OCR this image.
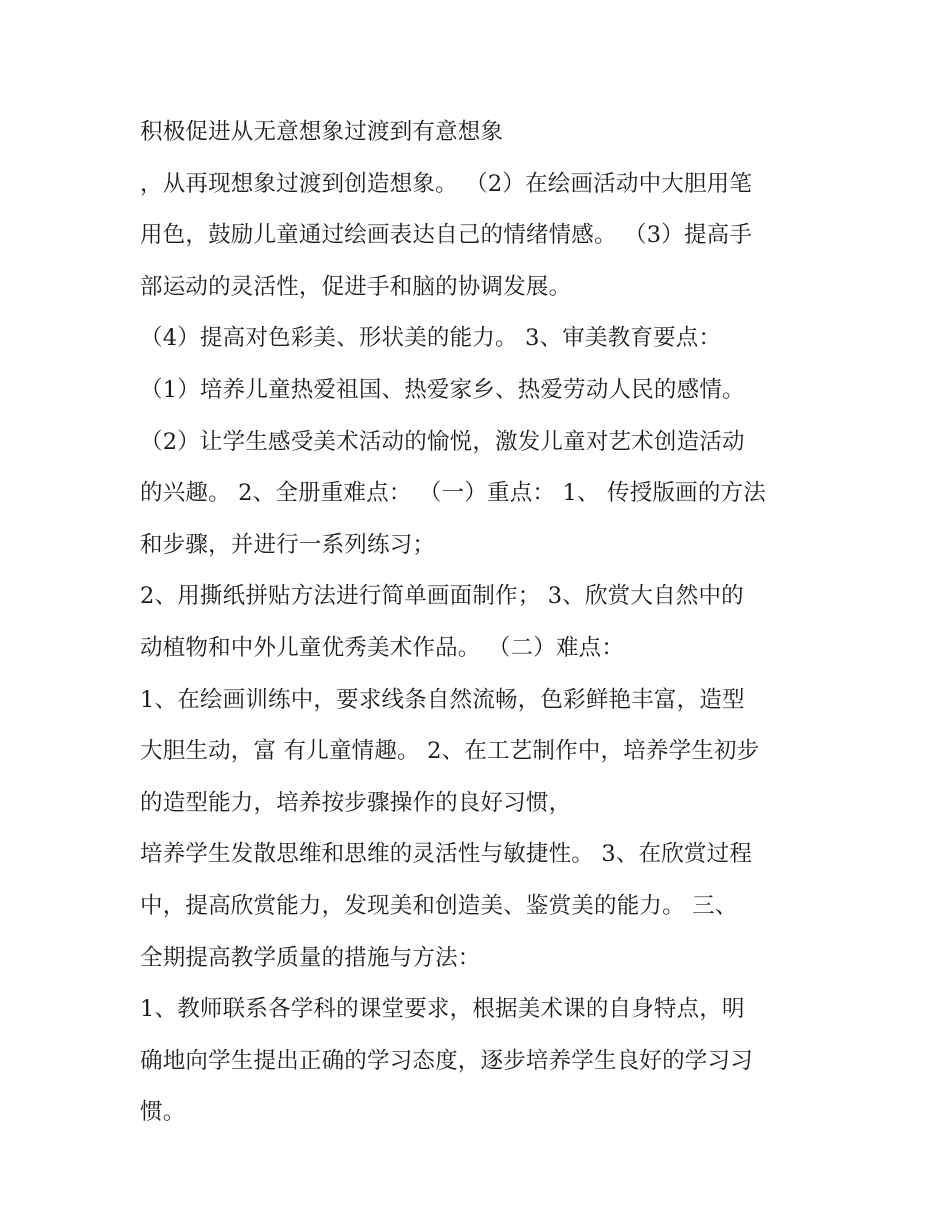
积极促进从无意想象过渡到有意想象
，从再现想象过渡到创造想象。 （2）在绘画活动中大胆用笔
用色，鼓励儿童通过绘画表达自己的情绪情感。 （3）提高手
部运动的灵活性，促进手和脑的协调发展。
（4）提高对色彩美、形状美的能力。 3、审美教育要点：
（1）培养儿童热爱祖国、热爱家乡、热爱劳动人民的感情。
（2）让学生感受美术活动的愉悦，激发儿童对艺术创造活动
的兴趣。 2、全册重难点： （一）重点： 1、 传授版画的方法
和步骤，并进行一系列练习；
2、用撕纸拼贴方法进行简单画面制作； 3、欣赏大自然中的
动植物和中外儿童优秀美术作品。 （二）难点：
1、在绘画训练中，要求线条自然流畅，色彩鲜艳丰富，造型
大胆生动，富 有儿童情趣。 2、在工艺制作中，培养学生初步
的造型能力，培养按步骤操作的良好习惯，
培养学生发散思维和思维的灵活性与敏捷性。 3、在欣赏过程
中，提高欣赏能力，发现美和创造美、鉴赏美的能力。 三、
全期提高教学质量的措施与方法：
1、教师联系各学科的课堂要求，根据美术课的自身特点，明
确地向学生提出正确的学习态度，逐步培养学生良好的学习习
惯。
